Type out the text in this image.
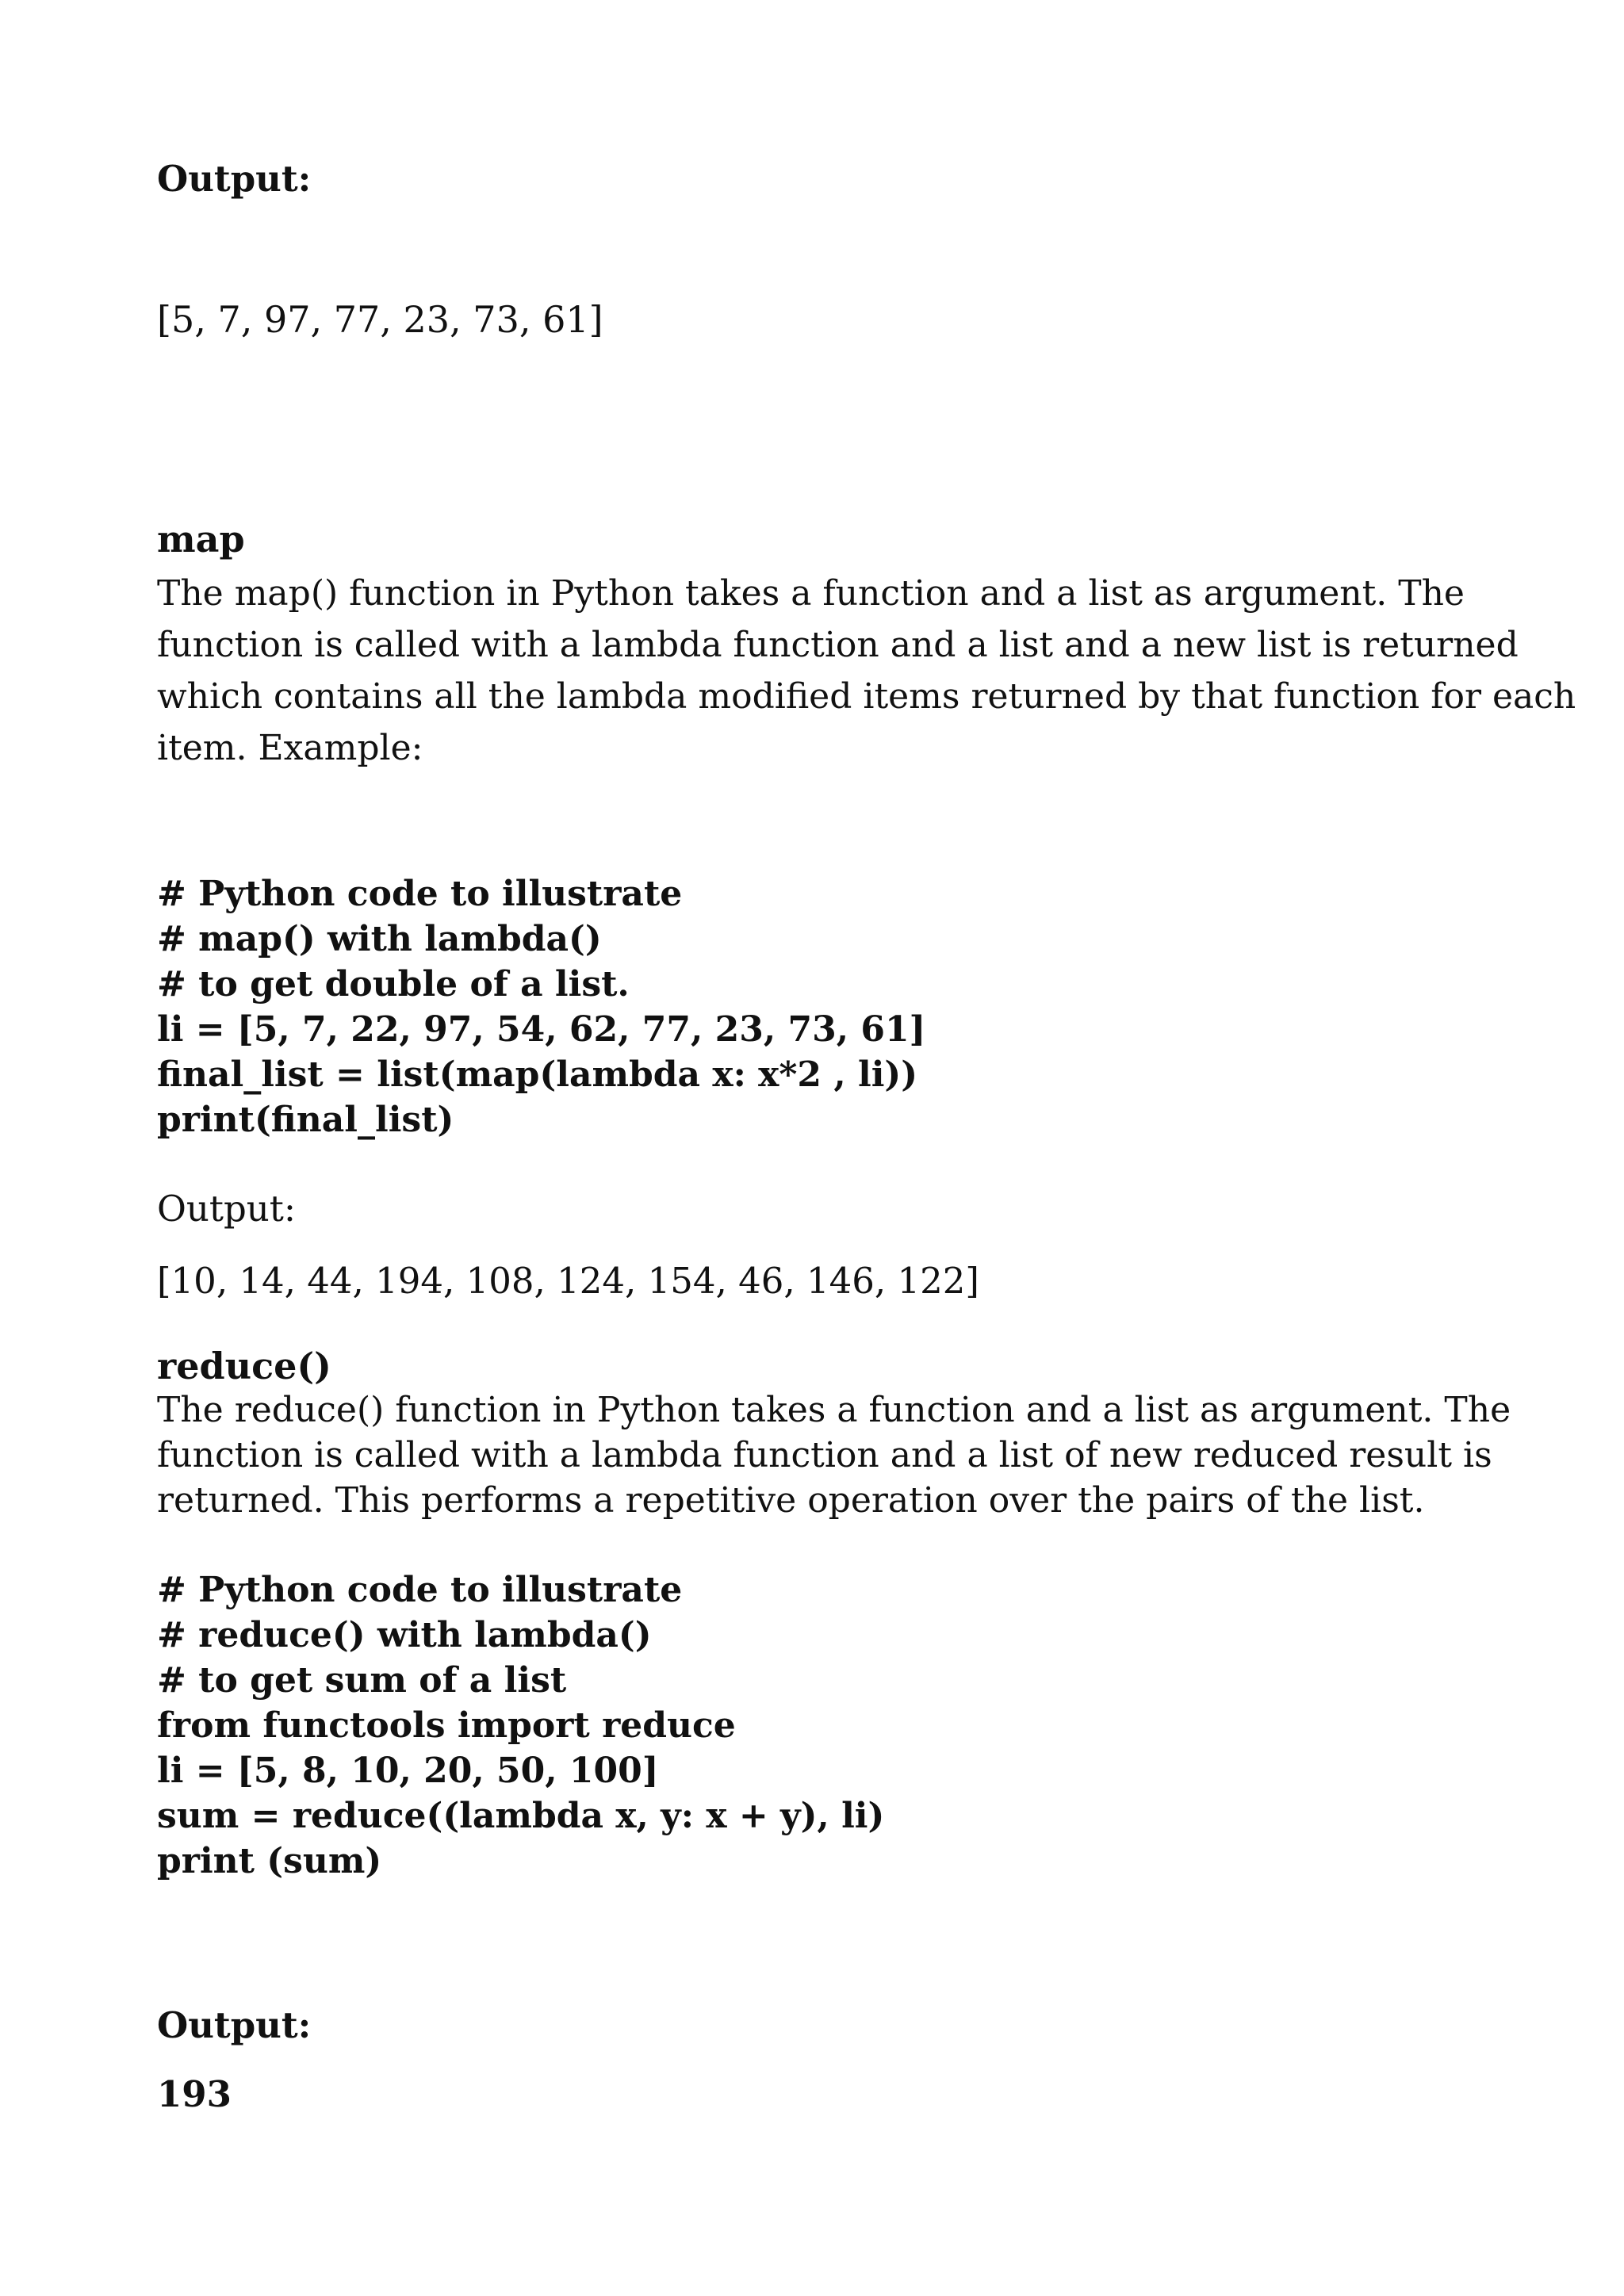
Output:
[5, 7, 97, 77, 23, 73, 61]
map
The map() function in Python takes a function and a list as argument. The
function is called with a lambda function and a list and a new list is returned
which contains all the lambda modified items returned by that function for each
item. Example:
# Python code to illustrate
# map() with lambda()
# to get double of a list.
li = [5, 7, 22, 97, 54, 62, 77, 23, 73, 61]
final_list = list(map(lambda x: x*2 , li))
print(final_list)
Output:
[10, 14, 44, 194, 108, 124, 154, 46, 146, 122]
reduce()
The reduce() function in Python takes a function and a list as argument. The
function is called with a lambda function and a list of new reduced result is
returned. This performs a repetitive operation over the pairs of the list.
# Python code to illustrate
# reduce() with lambda()
# to get sum of a list
from functools import reduce
li = [5, 8, 10, 20, 50, 100]
sum = reduce((lambda x, y: x + y), li)
print (sum)
Output:
193
